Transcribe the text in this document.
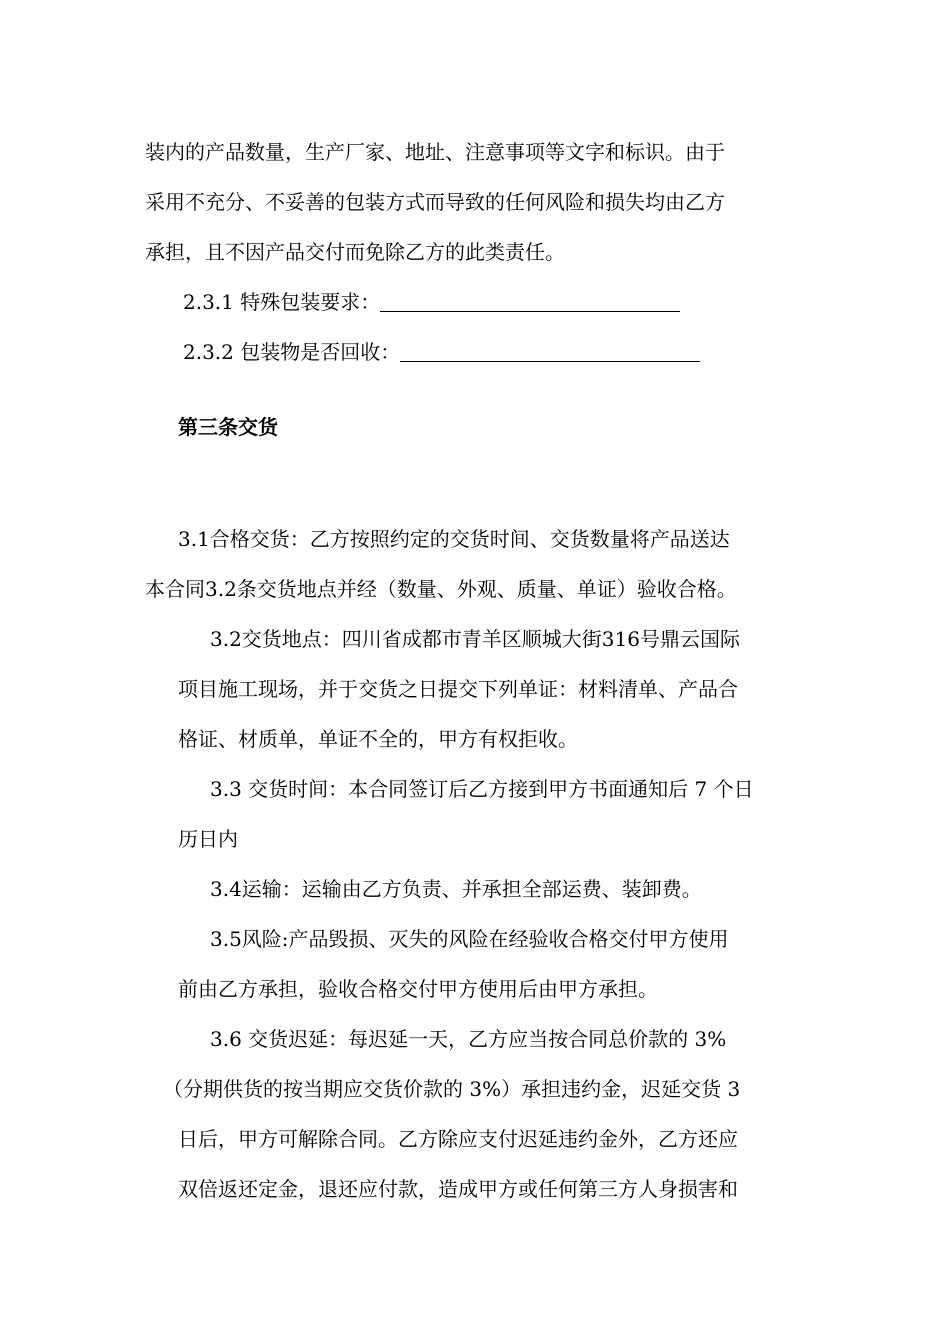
装内的产品数量，生产厂家、地址、注意事项等文字和标识。由于
采用不充分、不妥善的包装方式而导致的任何风险和损失均由乙方
承担，且不因产品交付而免除乙方的此类责任。
2.3.1 特殊包装要求：
2.3.2 包装物是否回收：
第三条交货
3.1合格交货：乙方按照约定的交货时间、交货数量将产品送达
本合同3.2条交货地点并经（数量、外观、质量、单证）验收合格。
3.2交货地点：四川省成都市青羊区顺城大街316号鼎云国际
项目施工现场，并于交货之日提交下列单证：材料清单、产品合
格证、材质单，单证不全的，甲方有权拒收。
3.3 交货时间：本合同签订后乙方接到甲方书面通知后 7 个日
历日内
3.4运输：运输由乙方负责、并承担全部运费、装卸费。
3.5风险:产品毁损、灭失的风险在经验收合格交付甲方使用
前由乙方承担，验收合格交付甲方使用后由甲方承担。
3.6 交货迟延：每迟延一天，乙方应当按合同总价款的 3%
（分期供货的按当期应交货价款的 3%）承担违约金，迟延交货 3
日后，甲方可解除合同。乙方除应支付迟延违约金外，乙方还应
双倍返还定金，退还应付款，造成甲方或任何第三方人身损害和
